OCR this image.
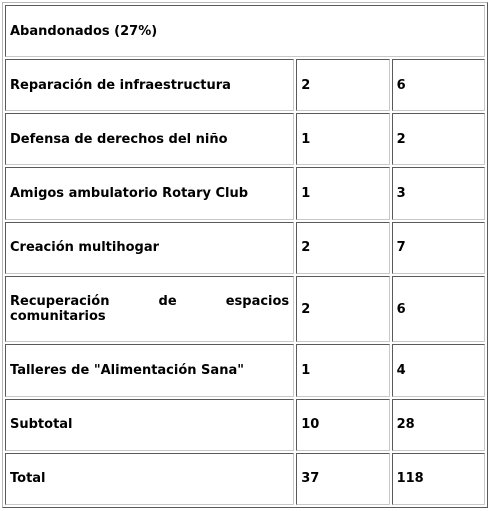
Abandonados (27%)		
Reparación de infraestructura	2	6
Defensa de derechos del niño	1	2
Amigos ambulatorio Rotary Club	1	3
Creación multihogar	2	7

Recuperación de espacios
comunitarios	2	6
Talleres de "Alimentación Sana"	1	4
Subtotal	10	28
Total	37	118
